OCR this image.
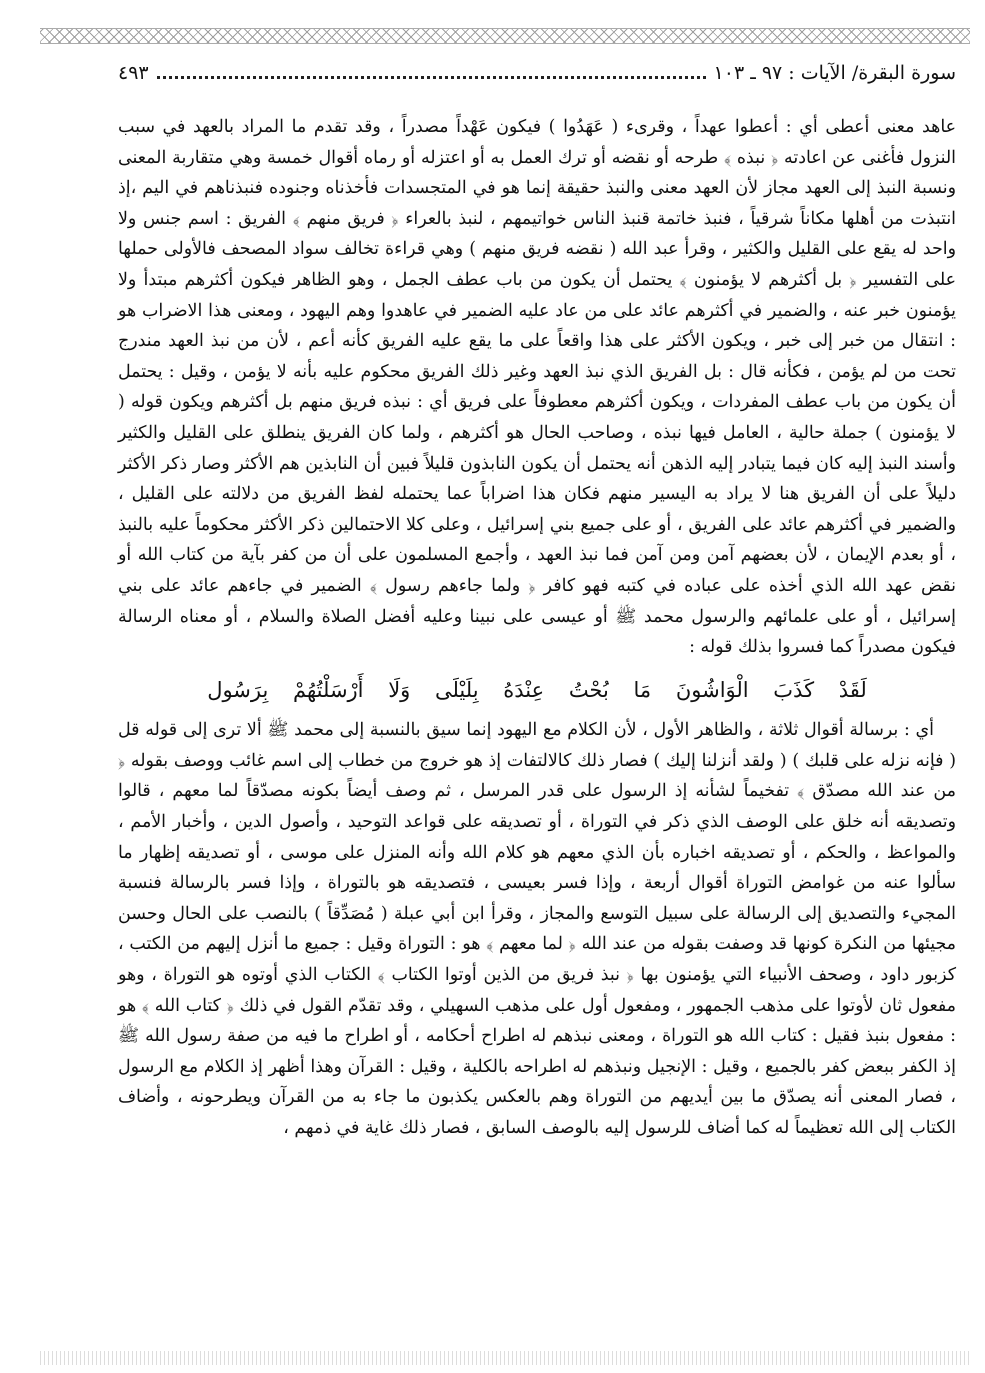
سورة البقرة/ الآيات : ٩٧ ـ ١٠٣
٤٩٣

عاهد معنى أعطى أي : أعطوا عهداً ، وقرىء ( عَهَدُوا ) فيكون عَهْداً مصدراً ، وقد تقدم ما المراد بالعهد في سبب النزول فأغنى عن اعادته ﴿ نبذه ﴾ طرحه أو نقضه أو ترك العمل به أو اعتزله أو رماه أقوال خمسة وهي متقاربة المعنى ونسبة النبذ إلى العهد مجاز لأن العهد معنى والنبذ حقيقة إنما هو في المتجسدات فأخذناه وجنوده فنبذناهم في اليم ،إذ انتبذت من أهلها مكاناً شرقياً ، فنبذ خاتمة قنبذ الناس خواتيمهم ، لنبذ بالعراء ﴿ فريق منهم ﴾ الفريق : اسم جنس ولا واحد له يقع على القليل والكثير ، وقرأ عبد الله ( نقضه فريق منهم ) وهي قراءة تخالف سواد المصحف فالأولى حملها على التفسير ﴿ بل أكثرهم لا يؤمنون ﴾ يحتمل أن يكون من باب عطف الجمل ، وهو الظاهر فيكون أكثرهم مبتدأ ولا يؤمنون خبر عنه ، والضمير في أكثرهم عائد على من عاد عليه الضمير في عاهدوا وهم اليهود ، ومعنى هذا الاضراب هو : انتقال من خبر إلى خبر ، ويكون الأكثر على هذا واقعاً على ما يقع عليه الفريق كأنه أعم ، لأن من نبذ العهد مندرج تحت من لم يؤمن ، فكأنه قال : بل الفريق الذي نبذ العهد وغير ذلك الفريق محكوم عليه بأنه لا يؤمن ، وقيل : يحتمل أن يكون من باب عطف المفردات ، ويكون أكثرهم معطوفاً على فريق أي : نبذه فريق منهم بل أكثرهم ويكون قوله ( لا يؤمنون ) جملة حالية ، العامل فيها نبذه ، وصاحب الحال هو أكثرهم ، ولما كان الفريق ينطلق على القليل والكثير وأسند النبذ إليه كان فيما يتبادر إليه الذهن أنه يحتمل أن يكون النابذون قليلاً فبين أن النابذين هم الأكثر وصار ذكر الأكثر دليلاً على أن الفريق هنا لا يراد به اليسير منهم فكان هذا اضراباً عما يحتمله لفظ الفريق من دلالته على القليل ، والضمير في أكثرهم عائد على الفريق ، أو على جميع بني إسرائيل ، وعلى كلا الاحتمالين ذكر الأكثر محكوماً عليه بالنبذ ، أو بعدم الإيمان ، لأن بعضهم آمن ومن آمن فما نبذ العهد ، وأجمع المسلمون على أن من كفر بآية من كتاب الله أو نقض عهد الله الذي أخذه على عباده في كتبه فهو كافر ﴿ ولما جاءهم رسول ﴾ الضمير في جاءهم عائد على بني إسرائيل ، أو على علمائهم والرسول محمد ﷺ أو عيسى على نبينا وعليه أفضل الصلاة والسلام ، أو معناه الرسالة فيكون مصدراً كما فسروا بذلك قوله :

لَقَدْ كَذَبَ الْوَاشُونَ مَا بُحْتُ عِنْدَهُ بِلَيْلَى وَلَا أَرْسَلْتُهُمْ بِرَسُول

أي : برسالة أقوال ثلاثة ، والظاهر الأول ، لأن الكلام مع اليهود إنما سيق بالنسبة إلى محمد ﷺ ألا ترى إلى قوله قل ( فإنه نزله على قلبك ) ( ولقد أنزلنا إليك ) فصار ذلك كالالتفات إذ هو خروج من خطاب إلى اسم غائب ووصف بقوله ﴿ من عند الله مصدّق ﴾ تفخيماً لشأنه إذ الرسول على قدر المرسل ، ثم وصف أيضاً بكونه مصدّقاً لما معهم ، قالوا وتصديقه أنه خلق على الوصف الذي ذكر في التوراة ، أو تصديقه على قواعد التوحيد ، وأصول الدين ، وأخبار الأمم ، والمواعظ ، والحكم ، أو تصديقه اخباره بأن الذي معهم هو كلام الله وأنه المنزل على موسى ، أو تصديقه إظهار ما سألوا عنه من غوامض التوراة أقوال أربعة ، وإذا فسر بعيسى ، فتصديقه هو بالتوراة ، وإذا فسر بالرسالة فنسبة المجيء والتصديق إلى الرسالة على سبيل التوسع والمجاز ، وقرأ ابن أبي عبلة ( مُصَدِّقاً ) بالنصب على الحال وحسن مجيئها من النكرة كونها قد وصفت بقوله من عند الله ﴿ لما معهم ﴾ هو : التوراة وقيل : جميع ما أنزل إليهم من الكتب ، كزبور داود ، وصحف الأنبياء التي يؤمنون بها ﴿ نبذ فريق من الذين أوتوا الكتاب ﴾ الكتاب الذي أوتوه هو التوراة ، وهو مفعول ثان لأوتوا على مذهب الجمهور ، ومفعول أول على مذهب السهيلي ، وقد تقدّم القول في ذلك ﴿ كتاب الله ﴾ هو : مفعول بنبذ فقيل : كتاب الله هو التوراة ، ومعنى نبذهم له اطراح أحكامه ، أو اطراح ما فيه من صفة رسول الله ﷺ إذ الكفر ببعض كفر بالجميع ، وقيل : الإنجيل ونبذهم له اطراحه بالكلية ، وقيل : القرآن وهذا أظهر إذ الكلام مع الرسول ، فصار المعنى أنه يصدّق ما بين أيديهم من التوراة وهم بالعكس يكذبون ما جاء به من القرآن ويطرحونه ، وأضاف الكتاب إلى الله تعظيماً له كما أضاف للرسول إليه بالوصف السابق ، فصار ذلك غاية في ذمهم ،
